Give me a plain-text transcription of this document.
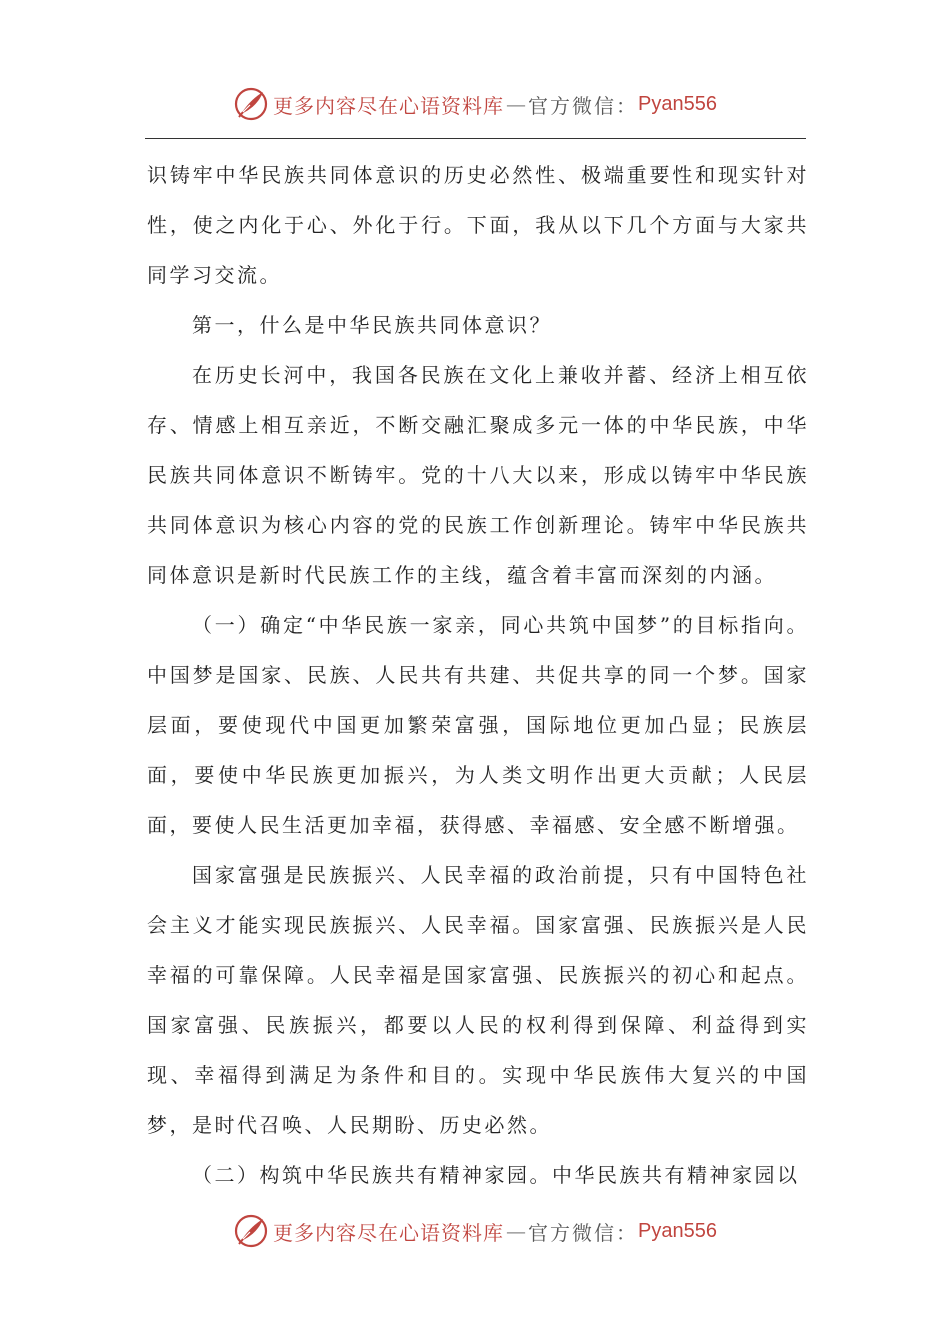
更多内容尽在心语资料库 — 官方微信： Pyan556

识铸牢中华民族共同体意识的历史必然性、极端重要性和现实针对性，使之内化于心、外化于行。下面，我从以下几个方面与大家共同学习交流。

第一，什么是中华民族共同体意识？

在历史长河中，我国各民族在文化上兼收并蓄、经济上相互依存、情感上相互亲近，不断交融汇聚成多元一体的中华民族，中华民族共同体意识不断铸牢。党的十八大以来，形成以铸牢中华民族共同体意识为核心内容的党的民族工作创新理论。铸牢中华民族共同体意识是新时代民族工作的主线，蕴含着丰富而深刻的内涵。

（一）确定“中华民族一家亲，同心共筑中国梦”的目标指向。中国梦是国家、民族、人民共有共建、共促共享的同一个梦。国家层面，要使现代中国更加繁荣富强，国际地位更加凸显；民族层面，要使中华民族更加振兴，为人类文明作出更大贡献；人民层面，要使人民生活更加幸福，获得感、幸福感、安全感不断增强。

国家富强是民族振兴、人民幸福的政治前提，只有中国特色社会主义才能实现民族振兴、人民幸福。国家富强、民族振兴是人民幸福的可靠保障。人民幸福是国家富强、民族振兴的初心和起点。国家富强、民族振兴，都要以人民的权利得到保障、利益得到实现、幸福得到满足为条件和目的。实现中华民族伟大复兴的中国梦，是时代召唤、人民期盼、历史必然。

（二）构筑中华民族共有精神家园。中华民族共有精神家园以

更多内容尽在心语资料库 — 官方微信： Pyan556
